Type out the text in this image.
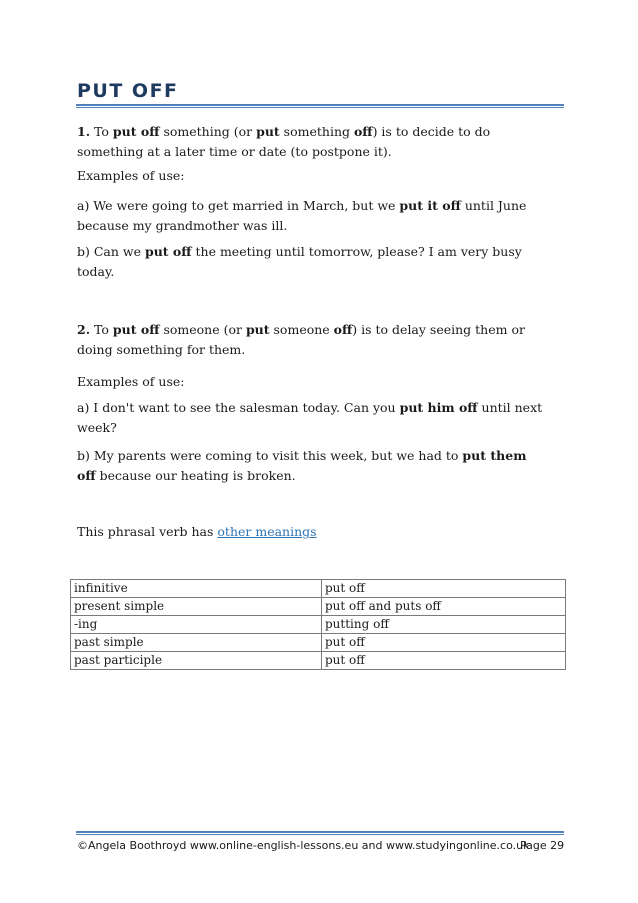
PUT OFF

1. To put off something (or put something off) is to decide to do something at a later time or date (to postpone it).

Examples of use:

a) We were going to get married in March, but we put it off until June because my grandmother was ill.

b) Can we put off the meeting until tomorrow, please? I am very busy today.

2. To put off someone (or put someone off) is to delay seeing them or doing something for them.

Examples of use:

a) I don't want to see the salesman today. Can you put him off until next week?

b) My parents were coming to visit this week, but we had to put them off because our heating is broken.

This phrasal verb has other meanings

infinitive	put off
present simple	put off and puts off
-ing	putting off
past simple	put off
past participle	put off
©Angela Boothroyd www.online-english-lessons.eu and www.studyingonline.co.uk
Page 29
